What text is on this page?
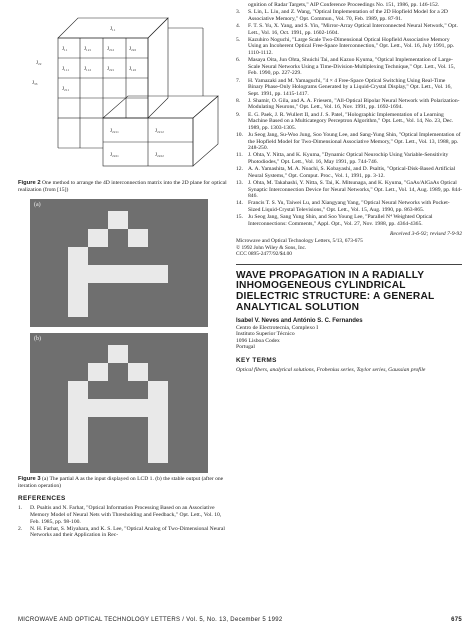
J₁₁
J₂₂
J₃₃
J₁₁	J₁₂₁	J₂₁₂	J₂₂₂
J₁₁₁	J₁₁₂	J₂₂₁	J₁₂₂
J₂₁₁
J₂₂₁₁	J₂₂₁₂
J₂₂₂₁	J₂₂₂₂

Figure 2 One method to arrange the 4D interconnection matrix into the 2D plane for optical realization (from [15])

(a)
(b)

Figure 3 (a) The partial A as the input displayed on LCD 1. (b) the stable output (after one iteration operation)

REFERENCES

1. D. Psaltis and N. Farhat, "Optical Information Processing Based on an Associative Memory Model of Neural Nets with Thresholding and Feedback," Opt. Lett., Vol. 10, Feb. 1985, pp. 98-100.

2. N. H. Farhat, S. Miyahara, and K. S. Lee, "Optical Analog of Two-Dimensional Neural Networks and their Application in Rec-

ognition of Radar Targets," AIP Conference Proceedings No. 151, 1986, pp. 146-152.

3. S. Lin, L. Liu, and Z. Wang, "Optical Implementation of the 2D Hopfield Model for a 2D Associative Memory," Opt. Commun., Vol. 70, Feb. 1989, pp. 87-91.

4. F. T. S. Yu, X. Yang, and S. Yin, "Mirror-Array Optical Interconnected Neural Network," Opt. Lett., Vol. 16, Oct. 1991, pp. 1602-1604.

5. Kazuhiro Noguchi, "Large Scale Two-Dimensional Optical Hopfield Associative Memory Using an Incoherent Optical Free-Space Interconnection," Opt. Lett., Vol. 16, July 1991, pp. 1110-1112.

6. Masaya Oita, Jun Ohta, Shuichi Tai, and Kazuo Kyuma, "Optical Implementation of Large-Scale Neural Networks Using a Time-Division-Multiplexing Technique," Opt. Lett., Vol. 15, Feb. 1990, pp. 227-229.

7. H. Yamazaki and M. Yamaguchi, "4 × 4 Free-Space Optical Switching Using Real-Time Binary Phase-Only Holograms Generated by a Liquid-Crystal Display," Opt. Lett., Vol. 16, Sept. 1991, pp. 1415-1417.

8. J. Shamir, O. Gila, and A. A. Friesem, "All-Optical Bipolar Neural Network with Polarization-Modulating Neurons," Opt. Lett., Vol. 16, Nov. 1991, pp. 1692-1694.

9. E. G. Paek, J. R. Wullert II, and J. S. Patel, "Holographic Implementation of a Learning Machine Based on a Multicategory Perceptron Algorithm," Opt. Lett., Vol. 14, No. 23, Dec. 1989, pp. 1303-1305.

10. Ju Seog Jang, Su-Woo Jung, Soo Young Lee, and Sang-Yung Shin, "Optical Implementation of the Hopfield Model for Two-Dimensional Associative Memory," Opt. Lett., Vol. 13, 1988, pp. 248-250.

11. J. Ohta, Y. Nitta, and K. Kyuma, "Dynamic Optical Neurochip Using Variable-Sensitivity Photodiodes," Opt. Lett., Vol. 16, May 1991, pp. 744-746.

12. A. A. Yamashita, M. A. Noachi, S. Kobayashi, and D. Psaltis, "Optical-Disk-Based Artificial Neural Systems," Opt. Comput. Proc., Vol. 1, 1991, pp. 3-12.

13. J. Ohta, M. Takahashi, Y. Nitta, S. Tai, K. Mitsunaga, and K. Kyuma, "GaAs/AlGaAs Optical Synaptic Interconnection Device for Neural Networks," Opt. Lett., Vol. 14, Aug. 1989, pp. 844-846.

14. Francis T. S. Yu, Taiwei Lu, and Xiangyang Yang, "Optical Neural Networks with Pocket-Sized Liquid-Crystal Televisions," Opt. Lett., Vol. 15, Aug. 1990, pp. 863-865.

15. Ju Seog Jang, Sang Yung Shin, and Soo Young Lee, "Parallel N⁴ Weighted Optical Interconnections: Comments," Appl. Opt., Vol. 27, Nov. 1988, pp. 4364-4365.

Received 3-6-92; revised 7-9-92

Microwave and Optical Technology Letters, 5/13, 673-675

© 1992 John Wiley & Sons, Inc.

CCC 0895-2477/92/$4.00

WAVE PROPAGATION IN A RADIALLY INHOMOGENEOUS CYLINDRICAL DIELECTRIC STRUCTURE: A GENERAL ANALYTICAL SOLUTION
Isabel V. Neves and António S. C. Fernandes

Centro de Electrotecnia, Complexo I

Instituto Superior Técnico

1096 Lisboa Codex

Portugal

KEY TERMS

Optical fibers, analytical solutions, Frobenius series, Taylor series, Gaussian profile

MICROWAVE AND OPTICAL TECHNOLOGY LETTERS / Vol. 5, No. 13, December 5 1992	675
